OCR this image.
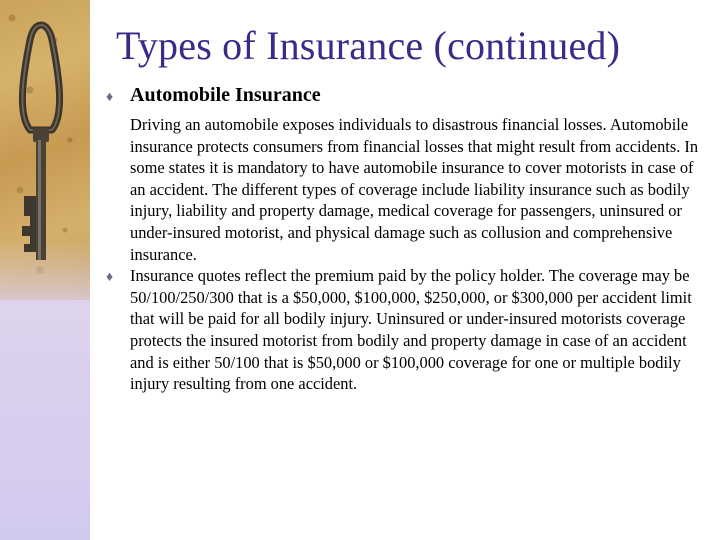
Types of Insurance (continued)
♦ Automobile Insurance
Driving an automobile exposes individuals to disastrous financial losses. Automobile insurance protects consumers from financial losses that might result from accidents. In some states it is mandatory to have automobile insurance to cover motorists in case of an accident. The different types of coverage include liability insurance such as bodily injury, liability and property damage, medical coverage for passengers, uninsured or under-insured motorist, and physical damage such as collusion and comprehensive insurance.
♦ Insurance quotes reflect the premium paid by the policy holder. The coverage may be 50/100/250/300 that is a $50,000, $100,000, $250,000, or $300,000 per accident limit that will be paid for all bodily injury. Uninsured or under-insured motorists coverage protects the insured motorist from bodily and property damage in case of an accident and is either 50/100 that is $50,000 or $100,000 coverage for one or multiple bodily injury resulting from one accident.
